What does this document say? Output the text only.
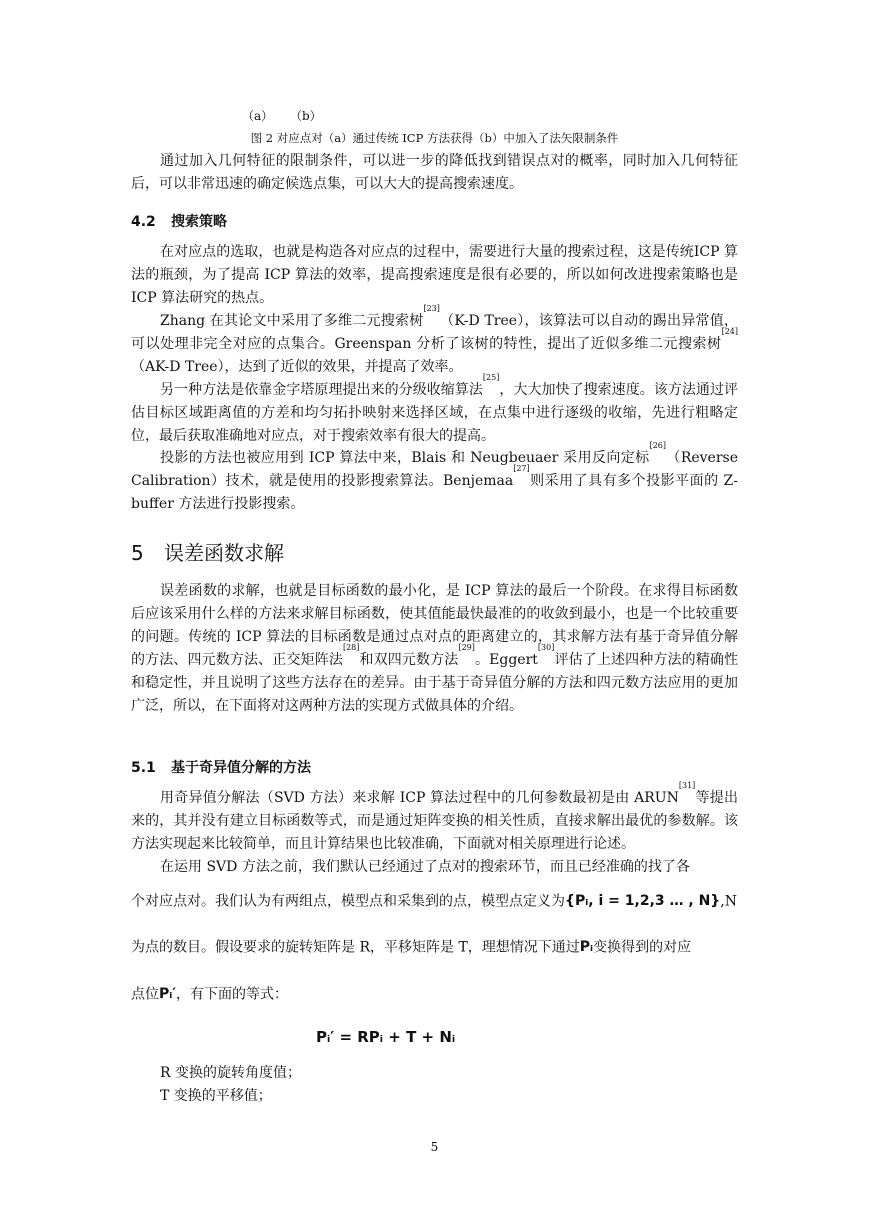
（a） （b）
图 2 对应点对（a）通过传统 ICP 方法获得（b）中加入了法矢限制条件
通过加入几何特征的限制条件，可以进一步的降低找到错误点对的概率，同时加入几何特征后，可以非常迅速的确定候选点集，可以大大的提高搜索速度。
4.2 搜索策略
在对应点的选取，也就是构造各对应点的过程中，需要进行大量的搜索过程，这是传统ICP 算法的瓶颈，为了提高 ICP 算法的效率，提高搜索速度是很有必要的，所以如何改进搜索策略也是 ICP 算法研究的热点。
Zhang 在其论文中采用了多维二元搜索树[23]（K-D Tree），该算法可以自动的踢出异常值，可以处理非完全对应的点集合。Greenspan 分析了该树的特性，提出了近似多维二元搜索树[24]（AK-D Tree），达到了近似的效果，并提高了效率。
另一种方法是依靠金字塔原理提出来的分级收缩算法[25]，大大加快了搜索速度。该方法通过评估目标区域距离值的方差和均匀拓扑映射来选择区域，在点集中进行逐级的收缩，先进行粗略定位，最后获取准确地对应点，对于搜索效率有很大的提高。
投影的方法也被应用到 ICP 算法中来，Blais 和 Neugbeuaer 采用反向定标[26]（Reverse Calibration）技术，就是使用的投影搜索算法。Benjemaa[27]则采用了具有多个投影平面的 Z-buffer 方法进行投影搜索。
5 误差函数求解
误差函数的求解，也就是目标函数的最小化，是 ICP 算法的最后一个阶段。在求得目标函数后应该采用什么样的方法来求解目标函数，使其值能最快最准的的收敛到最小，也是一个比较重要的问题。传统的 ICP 算法的目标函数是通过点对点的距离建立的，其求解方法有基于奇异值分解的方法、四元数方法、正交矩阵法[28]和双四元数方法[29]。Eggert[30]评估了上述四种方法的精确性和稳定性，并且说明了这些方法存在的差异。由于基于奇异值分解的方法和四元数方法应用的更加广泛，所以，在下面将对这两种方法的实现方式做具体的介绍。
5.1 基于奇异值分解的方法
用奇异值分解法（SVD 方法）来求解 ICP 算法过程中的几何参数最初是由 ARUN[31]等提出来的，其并没有建立目标函数等式，而是通过矩阵变换的相关性质，直接求解出最优的参数解。该方法实现起来比较简单，而且计算结果也比较准确，下面就对相关原理进行论述。
在运用 SVD 方法之前，我们默认已经通过了点对的搜索环节，而且已经准确的找了各
个对应点对。我们认为有两组点，模型点和采集到的点，模型点定义为{Pᵢ, i = 1,2,3 … , N},N
为点的数目。假设要求的旋转矩阵是 R，平移矩阵是 T，理想情况下通过Pᵢ变换得到的对应
点位Pᵢ′，有下面的等式：
Pᵢ′ = RPᵢ + T + Nᵢ
R 变换的旋转角度值；
T 变换的平移值；
5
